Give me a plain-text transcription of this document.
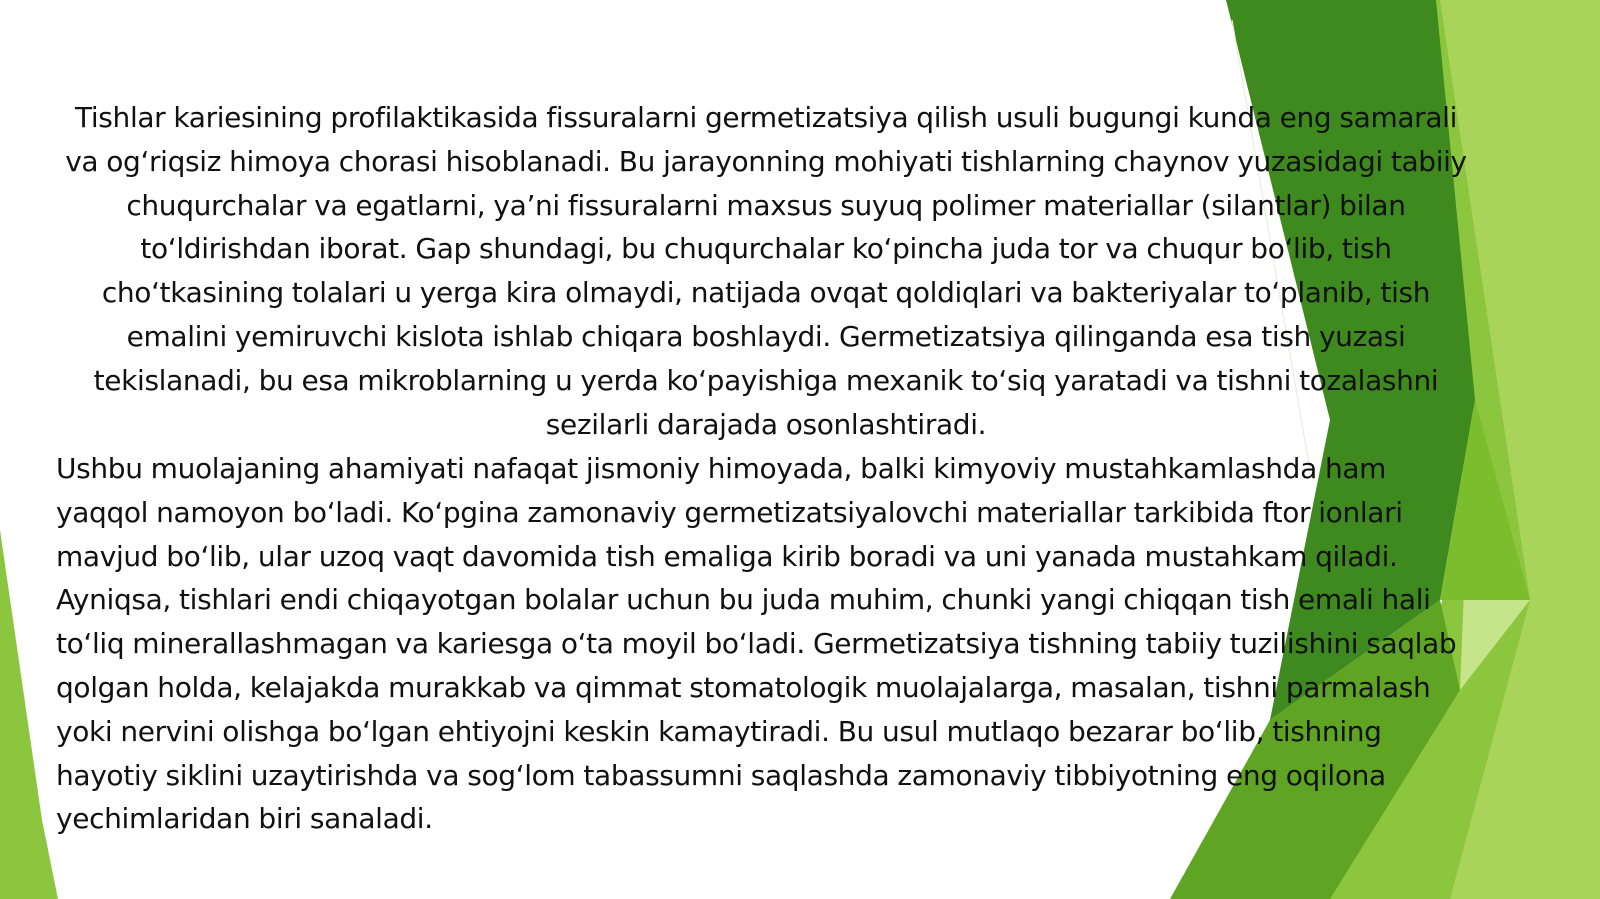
Tishlar kariesining profilaktikasida fissuralarni germetizatsiya qilish usuli bugungi kunda eng samarali va og‘riqsiz himoya chorasi hisoblanadi. Bu jarayonning mohiyati tishlarning chaynov yuzasidagi tabiiy chuqurchalar va egatlarni, ya’ni fissuralarni maxsus suyuq polimer materiallar (silantlar) bilan to‘ldirishdan iborat. Gap shundagi, bu chuqurchalar ko‘pincha juda tor va chuqur bo‘lib, tish cho‘tkasining tolalari u yerga kira olmaydi, natijada ovqat qoldiqlari va bakteriyalar to‘planib, tish emalini yemiruvchi kislota ishlab chiqara boshlaydi. Germetizatsiya qilinganda esa tish yuzasi tekislanadi, bu esa mikroblarning u yerda ko‘payishiga mexanik to‘siq yaratadi va tishni tozalashni sezilarli darajada osonlashtiradi.
Ushbu muolajaning ahamiyati nafaqat jismoniy himoyada, balki kimyoviy mustahkamlashda ham yaqqol namoyon bo‘ladi. Ko‘pgina zamonaviy germetizatsiyalovchi materiallar tarkibida ftor ionlari mavjud bo‘lib, ular uzoq vaqt davomida tish emaliga kirib boradi va uni yanada mustahkam qiladi. Ayniqsa, tishlari endi chiqayotgan bolalar uchun bu juda muhim, chunki yangi chiqqan tish emali hali to‘liq minerallashmagan va kariesga o‘ta moyil bo‘ladi. Germetizatsiya tishning tabiiy tuzilishini saqlab qolgan holda, kelajakda murakkab va qimmat stomatologik muolajalarga, masalan, tishni parmalash yoki nervini olishga bo‘lgan ehtiyojni keskin kamaytiradi. Bu usul mutlaqo bezarar bo‘lib, tishning hayotiy siklini uzaytirishda va sog‘lom tabassumni saqlashda zamonaviy tibbiyotning eng oqilona yechimlaridan biri sanaladi.
